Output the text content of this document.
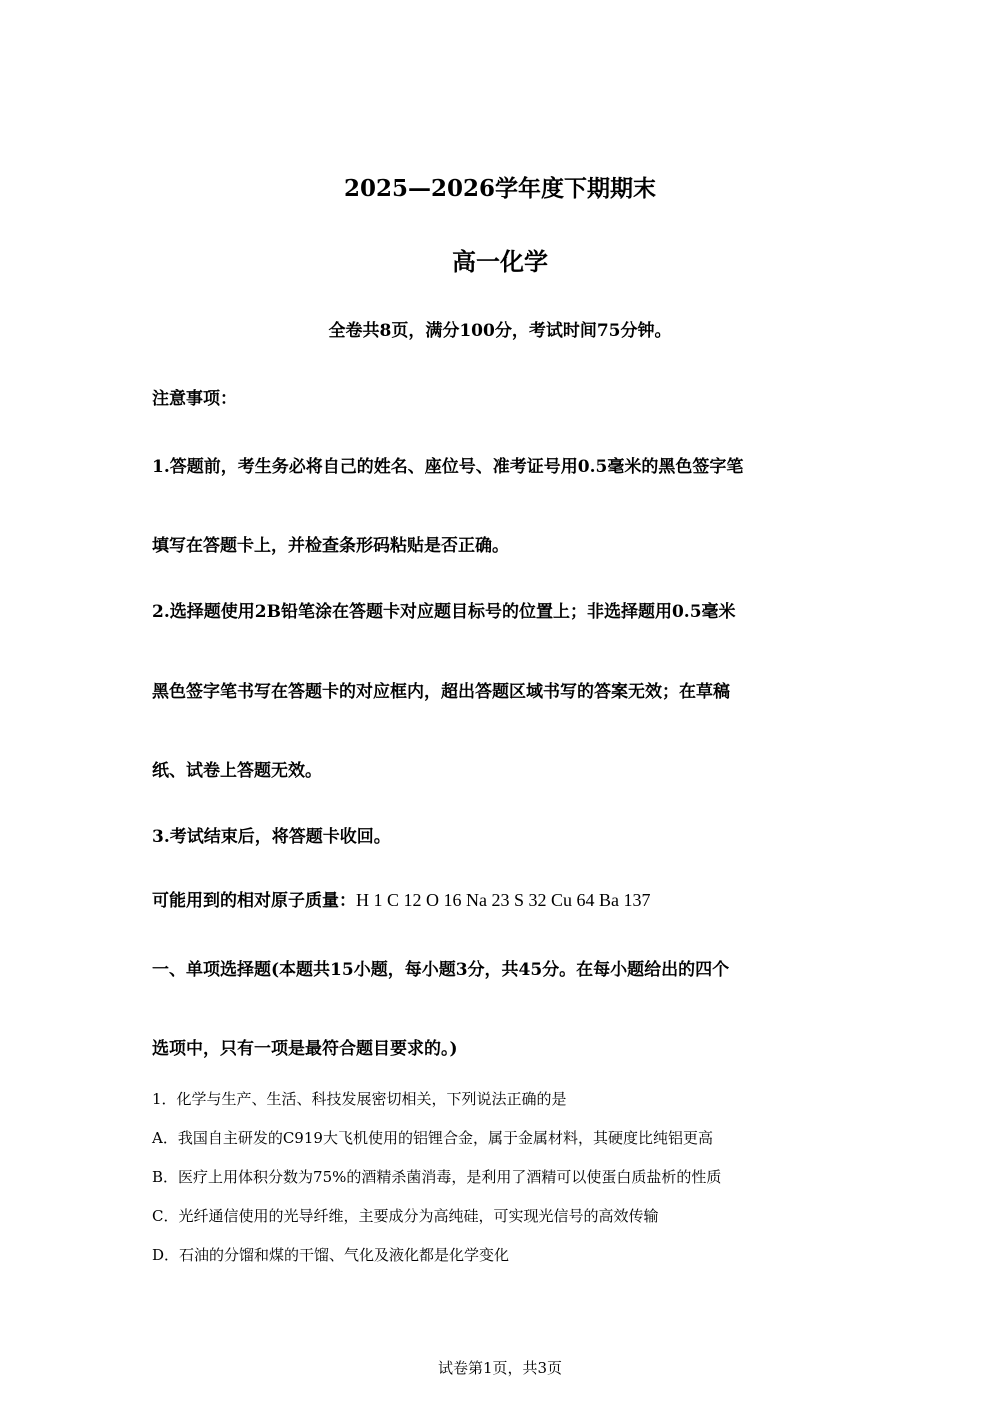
2025—2026学年度下期期末
高一化学
全卷共8页，满分100分，考试时间75分钟。
注意事项：
1.答题前，考生务必将自己的姓名、座位号、准考证号用0.5毫米的黑色签字笔
填写在答题卡上，并检查条形码粘贴是否正确。
2.选择题使用2B铅笔涂在答题卡对应题目标号的位置上；非选择题用0.5毫米
黑色签字笔书写在答题卡的对应框内，超出答题区域书写的答案无效；在草稿
纸、试卷上答题无效。
3.考试结束后，将答题卡收回。
可能用到的相对原子质量：H 1 C 12 O 16 Na 23 S 32 Cu 64 Ba 137
一、单项选择题(本题共15小题，每小题3分，共45分。在每小题给出的四个
选项中，只有一项是最符合题目要求的。)
1．化学与生产、生活、科技发展密切相关，下列说法正确的是
A．我国自主研发的C919大飞机使用的铝锂合金，属于金属材料，其硬度比纯铝更高
B．医疗上用体积分数为75%的酒精杀菌消毒，是利用了酒精可以使蛋白质盐析的性质
C．光纤通信使用的光导纤维，主要成分为高纯硅，可实现光信号的高效传输
D．石油的分馏和煤的干馏、气化及液化都是化学变化
试卷第1页，共3页
